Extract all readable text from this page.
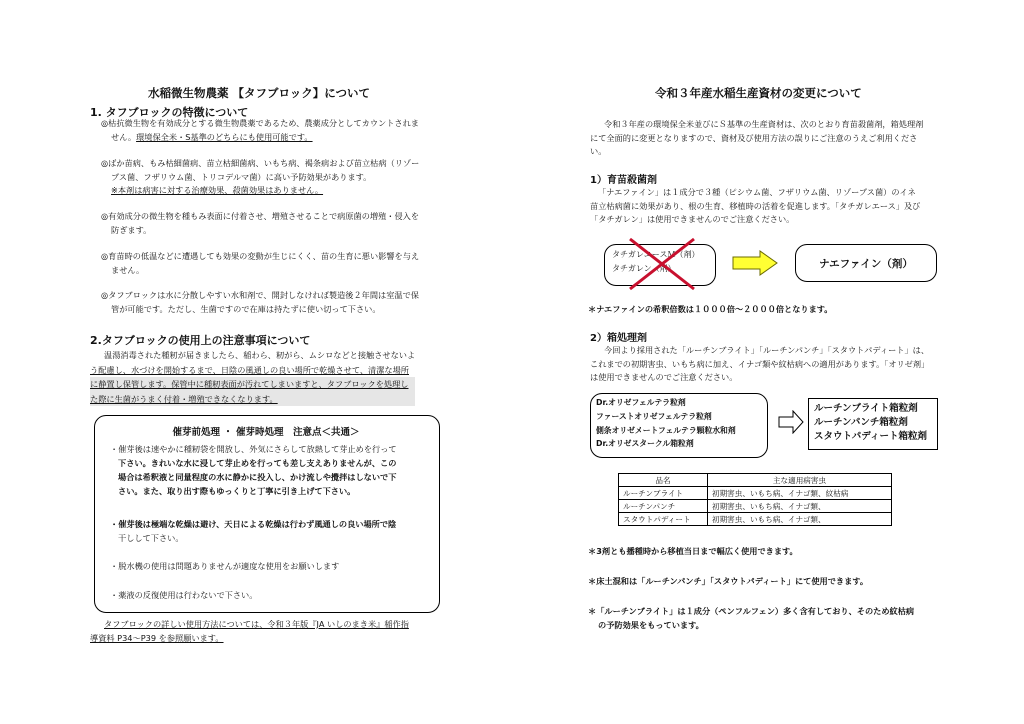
水稲微生物農薬 【タフブロック】について
1. タフブロックの特徴について
◎枯抗微生物を有効成分とする微生物農薬であるため、農薬成分としてカウントされま
せん。環境保全米・S基準のどちらにも使用可能です。
◎ばか苗病、もみ枯細菌病、苗立枯細菌病、いもち病、褐条病および苗立枯病（リゾー
プス菌、フザリウム菌、トリコデルマ菌）に高い予防効果があります。
※本剤は病害に対する治療効果、殺菌効果はありません。
◎有効成分の微生物を種もみ表面に付着させ、増殖させることで病原菌の増殖・侵入を
防ぎます。
◎育苗時の低温などに遭遇しても効果の変動が生じにくく、苗の生育に悪い影響を与え
ません。
◎タフブロックは水に分散しやすい水和剤で、開封しなければ製造後２年間は室温で保
管が可能です。ただし、生菌ですので在庫は持たずに使い切って下さい。
2.タフブロックの使用上の注意事項について
温湯消毒された種籾が届きましたら、稲わら、籾がら、ムシロなどと接触させないよ
う配慮し、水づけを開始するまで、日陰の風通しの良い場所で乾燥させて、清潔な場所
に静置し保管します。保管中に種籾表面が汚れてしまいますと、タフブロックを処理し
た際に生菌がうまく付着・増殖できなくなります。
催芽前処理 ・ 催芽時処理　注意点＜共通＞
・催芽後は速やかに種籾袋を開放し、外気にさらして放熱して芽止めを行って
下さい。きれいな水に浸して芽止めを行っても差し支えありませんが、この
場合は希釈液と同量程度の水に静かに投入し、かけ流しや攪拌はしないで下
さい。また、取り出す際もゆっくりと丁寧に引き上げて下さい。
・催芽後は極端な乾燥は避け、天日による乾燥は行わず風通しの良い場所で陰
干しして下さい。
・脱水機の使用は問題ありませんが適度な使用をお願いします
・薬液の反復使用は行わないで下さい。
タフブロックの詳しい使用方法については、令和３年版『JA いしのまき米』稲作指
導資料 P34～P39 を参照願います。
令和３年産水稲生産資材の変更について
令和３年産の環境保全米並びにＳ基準の生産資材は、次のとおり育苗殺菌剤，箱処理剤
にて全面的に変更となりますので、資材及び使用方法の誤りにご注意のうえご利用くださ
い。
1）育苗殺菌剤
「ナエファイン」は１成分で３種（ピシウム菌、フザリウム菌、リゾープス菌）のイネ
苗立枯病菌に効果があり、根の生育、移植時の活着を促進します。「タチガレエース」及び
「タチガレン」は使用できませんのでご注意ください。
タチガレエースＭ（剤）
タチガレン（剤）	ナエファイン（剤）
＊ナエファインの希釈倍数は１０００倍～２０００倍となります。
2）箱処理剤
今回より採用された「ルーチンブライト」「ルーチンパンチ」「スタウトパディート」は、
これまでの初期害虫、いもち病に加え、イナゴ類や紋枯病への適用があります。「オリゼ剤」
は使用できませんのでご注意ください。
Dr.オリゼフェルテラ粒剤
ファーストオリゼフェルテラ粒剤
側条オリゼメートフェルテラ顆粒水和剤
Dr.オリゼスタークル箱粒剤
ルーチンブライト箱粒剤
ルーチンパンチ箱粒剤
スタウトパディート箱粒剤
品名	主な適用病害虫
ルーチンブライト	初期害虫、いもち病、イナゴ類、紋枯病
ルーチンパンチ	初期害虫、いもち病、イナゴ類、
スタウトパディート	初期害虫、いもち病、イナゴ類、
＊3剤とも播種時から移植当日まで幅広く使用できます。
＊床土混和は「ルーチンパンチ」「スタウトパディート」にて使用できます。
＊「ルーチンブライト」は１成分（ペンフルフェン）多く含有しており、そのため紋枯病
の予防効果をもっています。
